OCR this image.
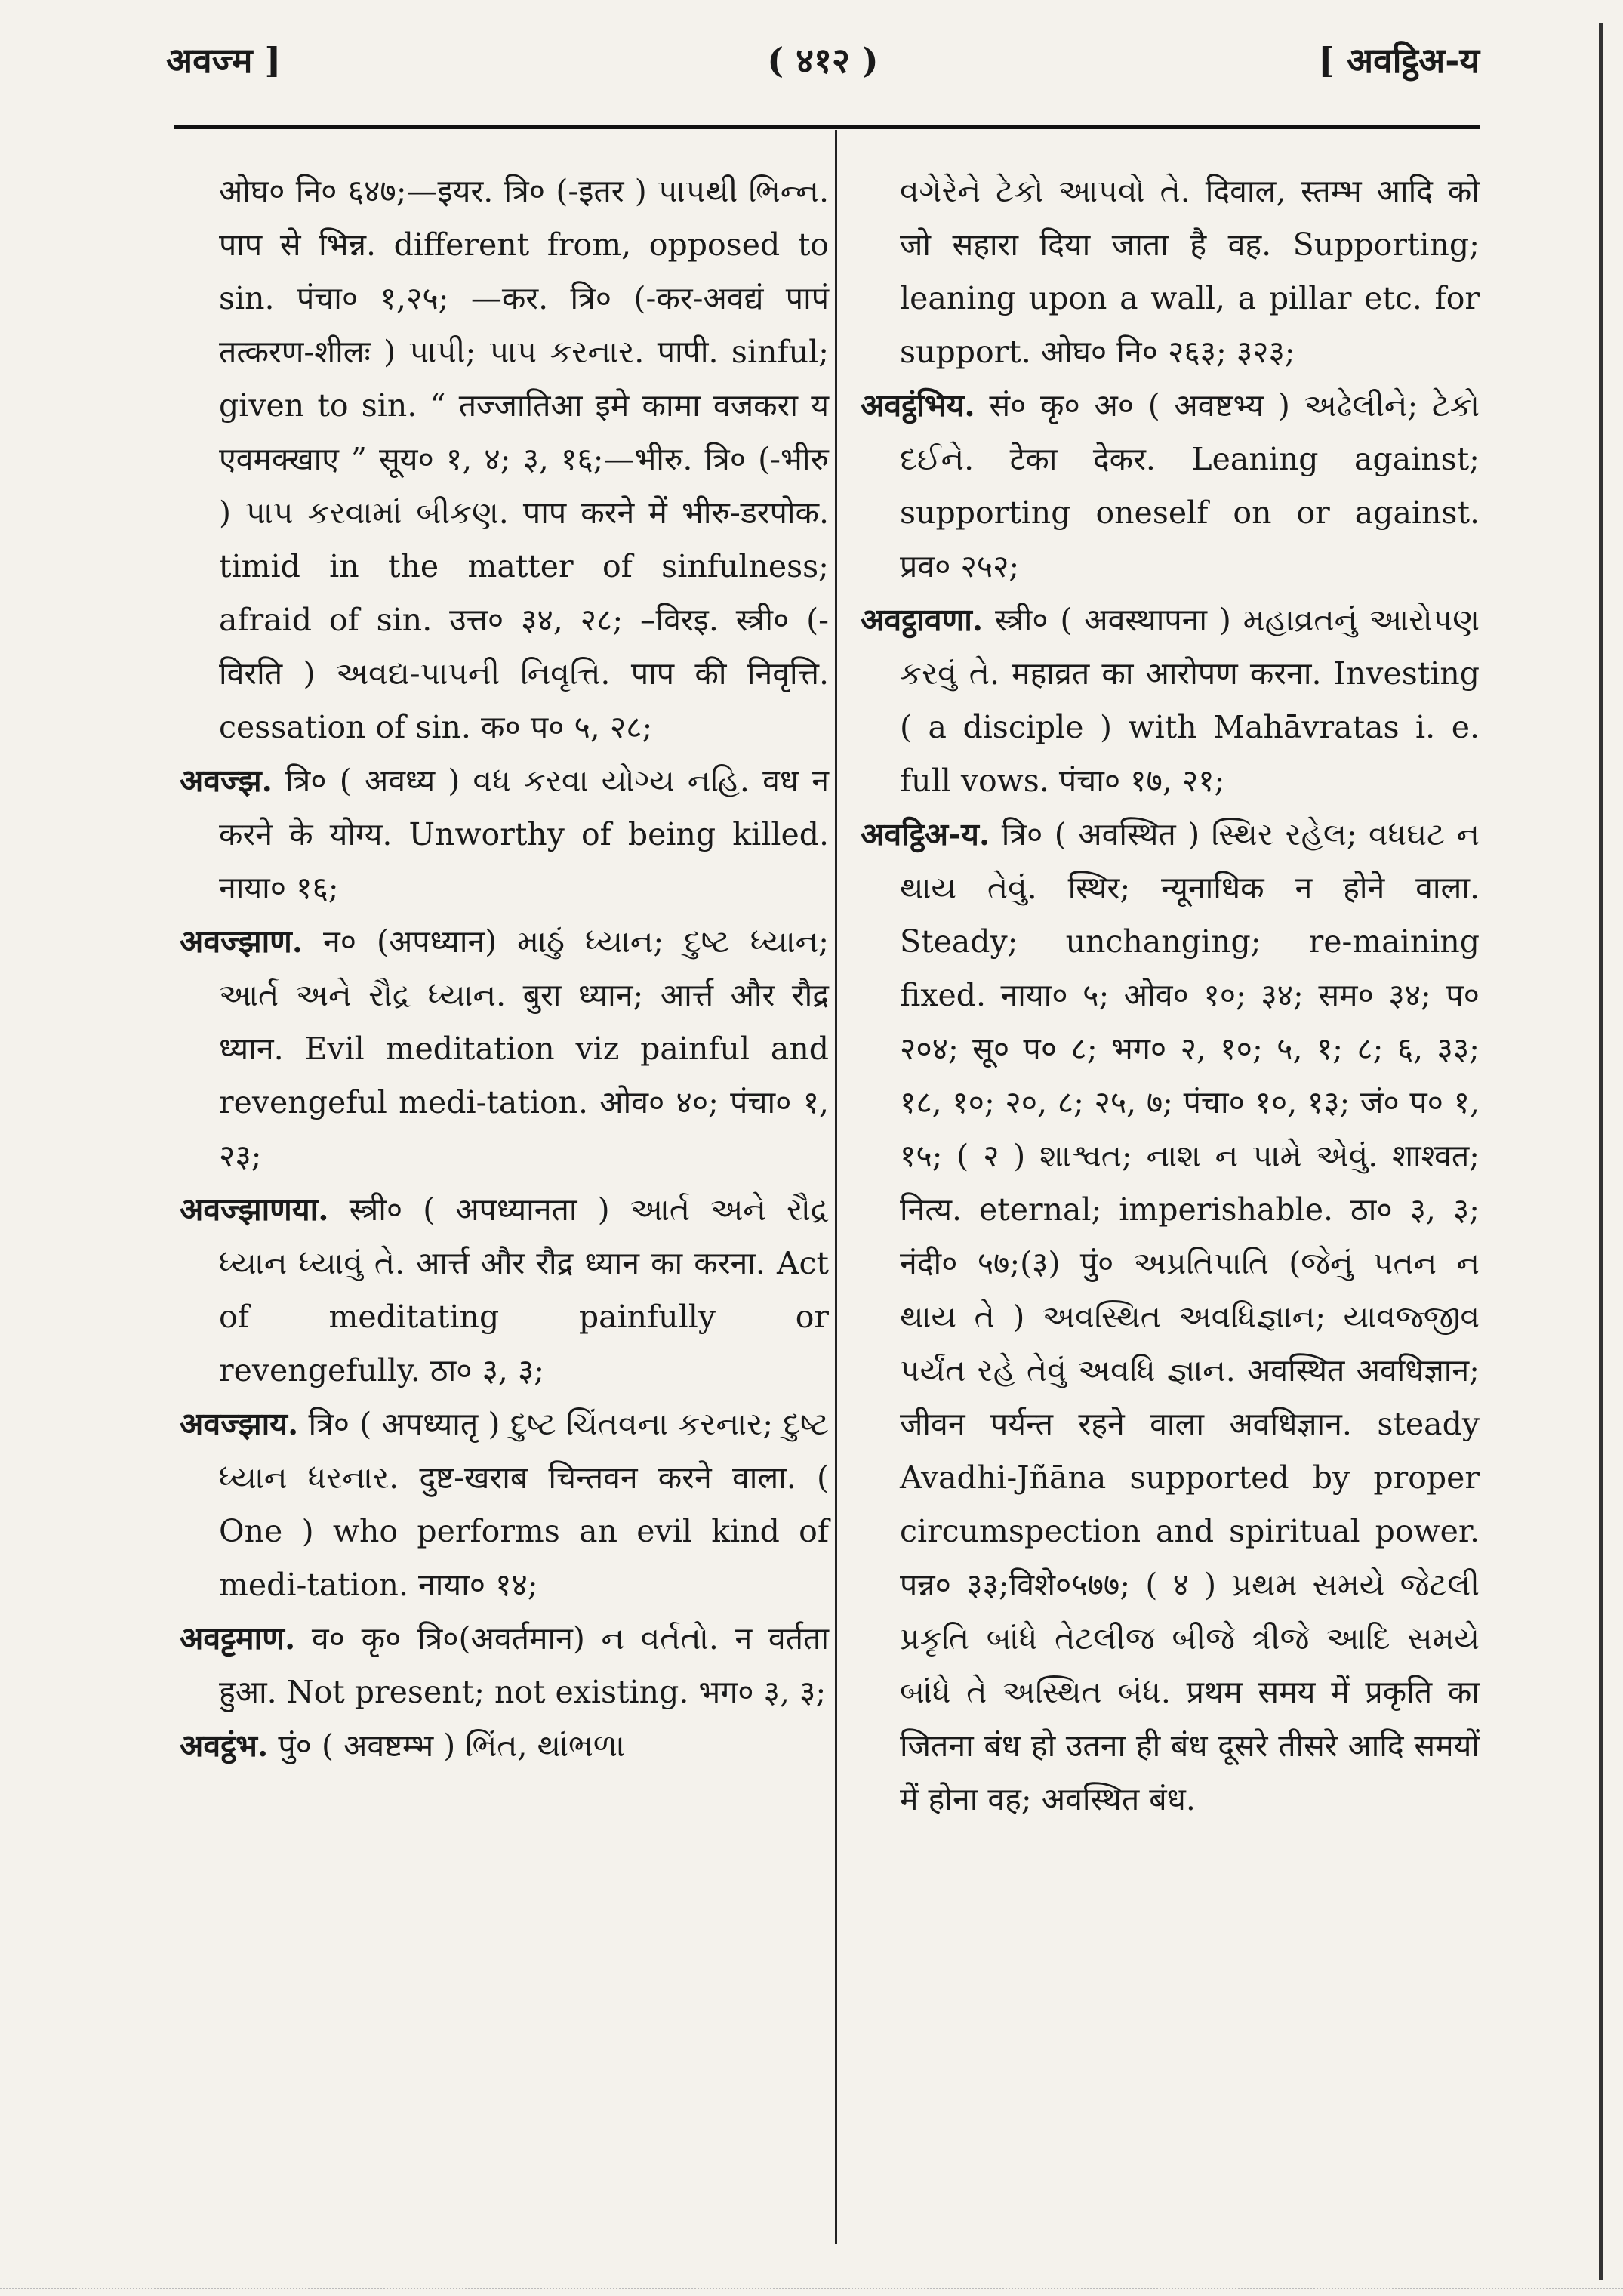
अवज्म ]	( ४१२ )	[ अवट्ठिअ-य

ओघ० नि० ६४७;—इयर. त्रि० (-इतर ) પાપથી ભિન્ન. पाप से भिन्न. different from, opposed to sin. पंचा० १,२५; —कर. त्रि० (-कर-अवद्यं पापं तत्करण-शीलः ) પાપી; પાપ કરનાર. पापी. sinful; given to sin. “ तज्जातिआ इमे कामा वजकरा य एवमक्खाए ” सूय० १, ४; ३, १६;—भीरु. त्रि० (-भीरु ) પાપ કરવામાં બીકણ. पाप करने में भीरु-डरपोक. timid in the matter of sinfulness; afraid of sin. उत्त० ३४, २८; –विरइ. स्त्री० (-विरति ) અવદ્ય-પાપની નિવૃત્તિ. पाप की निवृत्ति. cessation of sin. क० प० ५, २८;

अवज्झ. त्रि० ( अवध्य ) વધ કરવા યોગ્ય નહિ. वध न करने के योग्य. Unworthy of being killed. नाया० १६;

अवज्झाण. न० (अपध्यान) માઠું ધ્યાન; દુષ્ટ ધ્યાન; આર્ત અને રૌદ્ર ધ્યાન. बुरा ध्यान; आर्त्त और रौद्र ध्यान. Evil meditation viz painful and revengeful medi-tation. ओव० ४०; पंचा० १, २३;

अवज्झाणया. स्त्री० ( अपध्यानता ) આર્ત અને રૌદ્ર ધ્યાન ધ્યાવું તે. आर्त्त और रौद्र ध्यान का करना. Act of meditating painfully or revengefully. ठा० ३, ३;

अवज्झाय. त्रि० ( अपध्यातृ ) દુષ્ટ ચિંતવના કરનાર; દુષ્ટ ધ્યાન ધરનાર. दुष्ट-खराब चिन्तवन करने वाला. ( One ) who performs an evil kind of medi-tation. नाया० १४;

अवट्टमाण. व० कृ० त्रि०(अवर्तमान) ન વર્તતો. न वर्तता हुआ. Not present; not existing. भग० ३, ३;

अवट्ठंभ. पुं० ( अवष्टम्भ ) ભિંત, થાંભળા

વગેરેને ટેકો આપવો તે. दिवाल, स्तम्भ आदि को जो सहारा दिया जाता है वह. Supporting; leaning upon a wall, a pillar etc. for support. ओघ० नि० २६३; ३२३;

अवट्ठंभिय. सं० कृ० अ० ( अवष्टभ्य ) અઢેલીને; ટેકો દઈને. टेका देकर. Leaning against; supporting oneself on or against. प्रव० २५२;

अवट्ठावणा. स्त्री० ( अवस्थापना ) મહાવ્રતનું આરોપણ કરવું તે. महाव्रत का आरोपण करना. Investing ( a disciple ) with Mahāvratas i. e. full vows. पंचा० १७, २१;

अवट्ठिअ-य. त्रि० ( अवस्थित ) સ્થિર રહેલ; વધઘટ ન થાય તેવું. स्थिर; न्यूनाधिक न होने वाला. Steady; unchanging; re-maining fixed. नाया० ५; ओव० १०; ३४; सम० ३४; प० २०४; सू० प० ८; भग० २, १०; ५, १; ८; ६, ३३; १८, १०; २०, ८; २५, ७; पंचा० १०, १३; जं० प० १, १५; ( २ ) શાશ્વત; નાશ ન પામે એવું. शाश्वत; नित्य. eternal; imperishable. ठा० ३, ३; नंदी० ५७;(३) पुं० અપ્રતિપાતિ (જેનું પતન ન થાય તે ) અવસ્થિત અવધિજ્ઞાન; યાવજ્જીવ પર્યંત રહે તેવું અવધિ જ્ઞાન. अवस्थित अवधिज्ञान; जीवन पर्यन्त रहने वाला अवधिज्ञान. steady Avadhi-Jñāna supported by proper circumspection and spiritual power. पन्न० ३३;विशे०५७७; ( ४ ) પ્રથમ સમયે જેટલી પ્રકૃતિ બાંધે તેટલીજ બીજે ત્રીજે આદિ સમયે બાંધે તે અસ્થિત બંધ. प्रथम समय में प्रकृति का जितना बंध हो उतना ही बंध दूसरे तीसरे आदि समयों में होना वह; अवस्थित बंध.
